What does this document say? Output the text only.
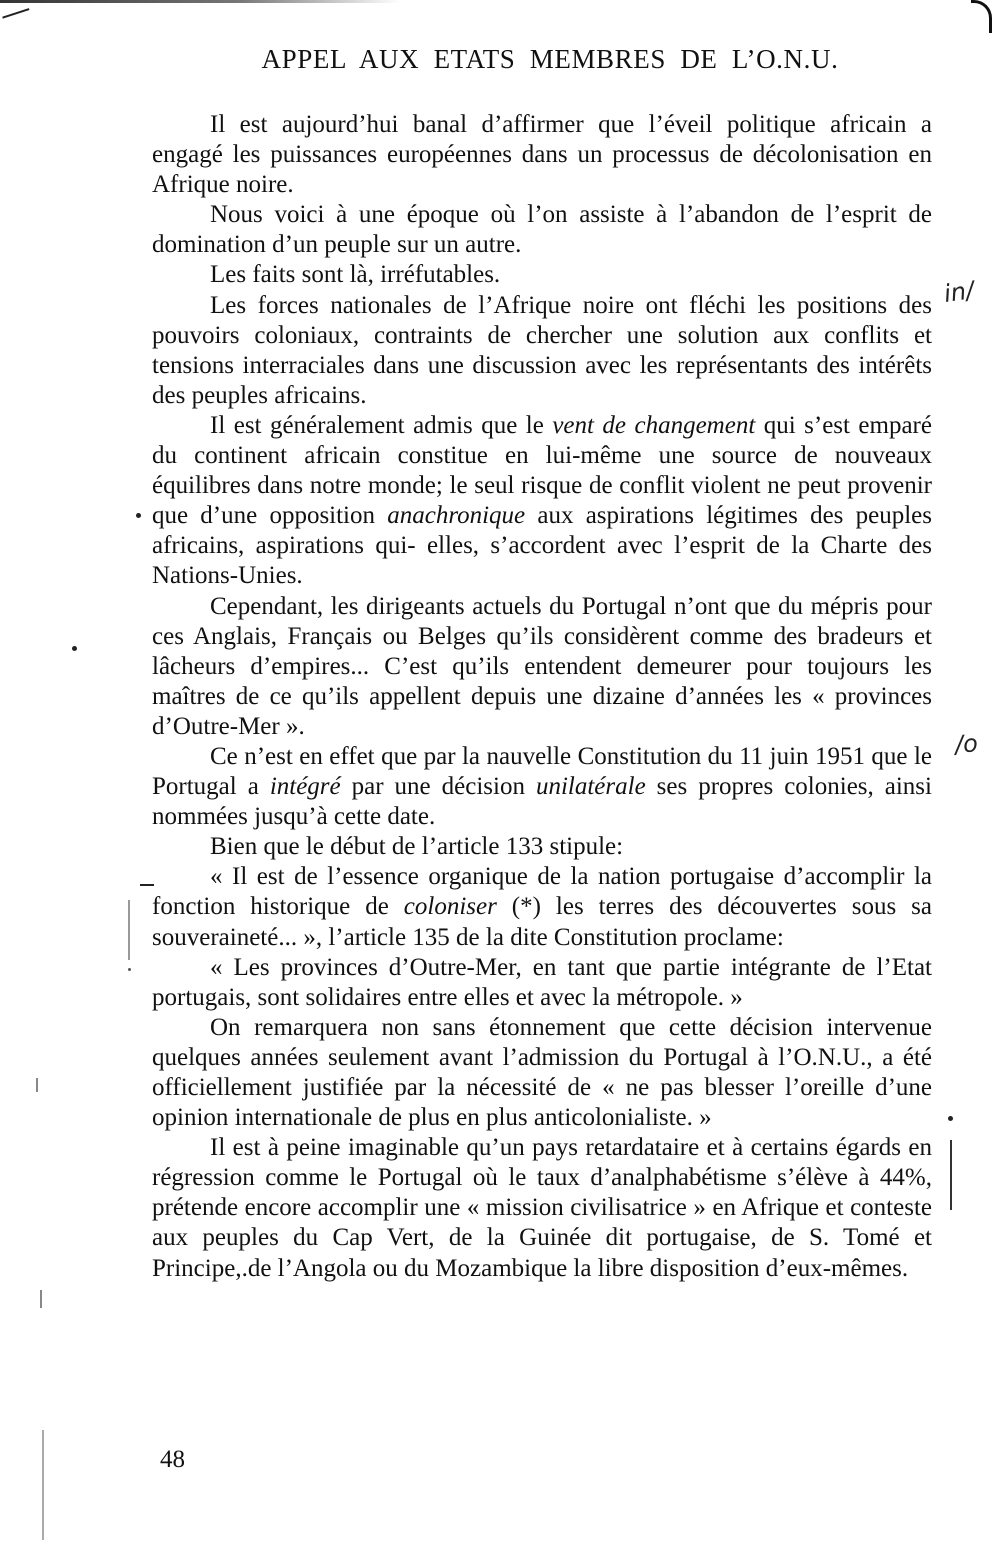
APPEL AUX ETATS MEMBRES DE L’O.N.U.

Il est aujourd’hui banal d’affirmer que l’éveil politique africain a engagé les puissances européennes dans un processus de décolonisation en Afrique noire.

Nous voici à une époque où l’on assiste à l’abandon de l’esprit de domination d’un peuple sur un autre.

Les faits sont là, irréfutables.

Les forces nationales de l’Afrique noire ont fléchi les positions des pouvoirs coloniaux, contraints de chercher une solution aux conflits et tensions interraciales dans une discussion avec les représentants des intérêts des peuples africains.

Il est généralement admis que le vent de changement qui s’est emparé du continent africain constitue en lui-même une source de nouveaux équilibres dans notre monde; le seul risque de conflit violent ne peut provenir que d’une opposition anachronique aux aspirations légitimes des peuples africains, aspirations qui- elles, s’accordent avec l’esprit de la Charte des Nations-Unies.

Cependant, les dirigeants actuels du Portugal n’ont que du mépris pour ces Anglais, Français ou Belges qu’ils considèrent comme des bradeurs et lâcheurs d’empires... C’est qu’ils entendent demeurer pour toujours les maîtres de ce qu’ils appellent depuis une dizaine d’années les « provinces d’Outre-Mer ».

Ce n’est en effet que par la nauvelle Constitution du 11 juin 1951 que le Portugal a intégré par une décision unilatérale ses propres colonies, ainsi nommées jusqu’à cette date.

Bien que le début de l’article 133 stipule:

« Il est de l’essence organique de la nation portugaise d’accomplir la fonction historique de coloniser (*) les terres des découvertes sous sa souveraineté... », l’article 135 de la dite Constitution proclame:

« Les provinces d’Outre-Mer, en tant que partie intégrante de l’Etat portugais, sont solidaires entre elles et avec la métropole. »

On remarquera non sans étonnement que cette décision intervenue quelques années seulement avant l’admission du Portugal à l’O.N.U., a été officiellement justifiée par la nécessité de « ne pas blesser l’oreille d’une opinion internationale de plus en plus anticolonialiste. »

Il est à peine imaginable qu’un pays retardataire et à certains égards en régression comme le Portugal où le taux d’analphabétisme s’élève à 44%, prétende encore accomplir une « mission civilisatrice » en Afrique et conteste aux peuples du Cap Vert, de la Guinée dit portugaise, de S. Tomé et Principe,.de l’Angola ou du Mozambique la libre disposition d’eux-mêmes.

48
in/
/o
